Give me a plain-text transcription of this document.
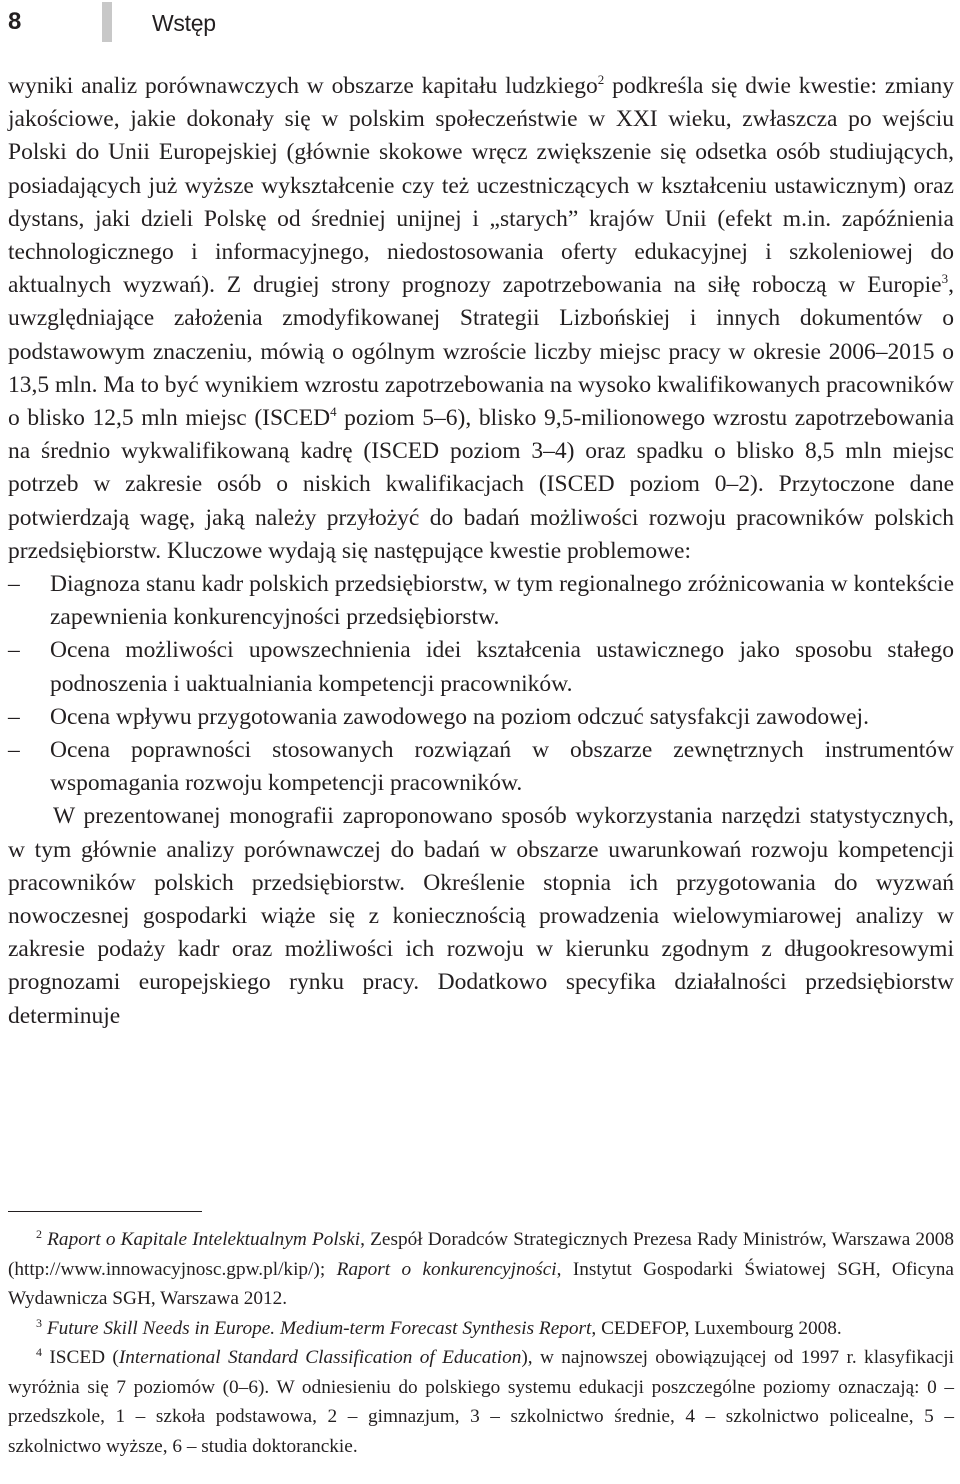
8	Wstęp

wyniki analiz porównawczych w obszarze kapitału ludzkiego$^2$ podkreśla się dwie kwestie: zmiany jakościowe, jakie dokonały się w polskim społeczeństwie w XXI wieku, zwłaszcza po wejściu Polski do Unii Europejskiej (głównie skokowe wręcz zwiększenie się odsetka osób studiujących, posiadających już wyższe wykształcenie czy też uczestniczących w kształceniu ustawicznym) oraz dystans, jaki dzieli Polskę od średniej unijnej i „starych” krajów Unii (efekt m.in. zapóźnienia technologicznego i informacyjnego, niedostosowania oferty edukacyjnej i szkoleniowej do aktualnych wyzwań). Z drugiej strony prognozy zapotrzebowania na siłę roboczą w Europie$^3$, uwzględniające założenia zmodyfikowanej Strategii Lizbońskiej i innych dokumentów o podstawowym znaczeniu, mówią o ogólnym wzroście liczby miejsc pracy w okresie 2006–2015 o 13,5 mln. Ma to być wynikiem wzrostu zapotrzebowania na wysoko kwalifikowanych pracowników o blisko 12,5 mln miejsc (ISCED$^4$ poziom 5–6), blisko 9,5-milionowego wzrostu zapotrzebowania na średnio wykwalifikowaną kadrę (ISCED poziom 3–4) oraz spadku o blisko 8,5 mln miejsc potrzeb w zakresie osób o niskich kwalifikacjach (ISCED poziom 0–2). Przytoczone dane potwierdzają wagę, jaką należy przyłożyć do badań możliwości rozwoju pracowników polskich przedsiębiorstw. Kluczowe wydają się następujące kwestie problemowe:

– Diagnoza stanu kadr polskich przedsiębiorstw, w tym regionalnego zróżnicowania w kontekście zapewnienia konkurencyjności przedsiębiorstw.
– Ocena możliwości upowszechnienia idei kształcenia ustawicznego jako sposobu stałego podnoszenia i uaktualniania kompetencji pracowników.
– Ocena wpływu przygotowania zawodowego na poziom odczuć satysfakcji zawodowej.
– Ocena poprawności stosowanych rozwiązań w obszarze zewnętrznych instrumentów wspomagania rozwoju kompetencji pracowników.

W prezentowanej monografii zaproponowano sposób wykorzystania narzędzi statystycznych, w tym głównie analizy porównawczej do badań w obszarze uwarunkowań rozwoju kompetencji pracowników polskich przedsiębiorstw. Określenie stopnia ich przygotowania do wyzwań nowoczesnej gospodarki wiąże się z koniecznością prowadzenia wielowymiarowej analizy w zakresie podaży kadr oraz możliwości ich rozwoju w kierunku zgodnym z długookresowymi prognozami europejskiego rynku pracy. Dodatkowo specyfika działalności przedsiębiorstw determinuje

$^2$ Raport o Kapitale Intelektualnym Polski, Zespół Doradców Strategicznych Prezesa Rady Ministrów, Warszawa 2008 (http://www.innowacyjnosc.gpw.pl/kip/); Raport o konkurencyjności, Instytut Gospodarki Światowej SGH, Oficyna Wydawnicza SGH, Warszawa 2012.

$^3$ Future Skill Needs in Europe. Medium-term Forecast Synthesis Report, CEDEFOP, Luxembourg 2008.

$^4$ ISCED (International Standard Classification of Education), w najnowszej obowiązującej od 1997 r. klasyfikacji wyróżnia się 7 poziomów (0–6). W odniesieniu do polskiego systemu edukacji poszczególne poziomy oznaczają: 0 – przedszkole, 1 – szkoła podstawowa, 2 – gimnazjum, 3 – szkolnictwo średnie, 4 – szkolnictwo policealne, 5 – szkolnictwo wyższe, 6 – studia doktoranckie.
